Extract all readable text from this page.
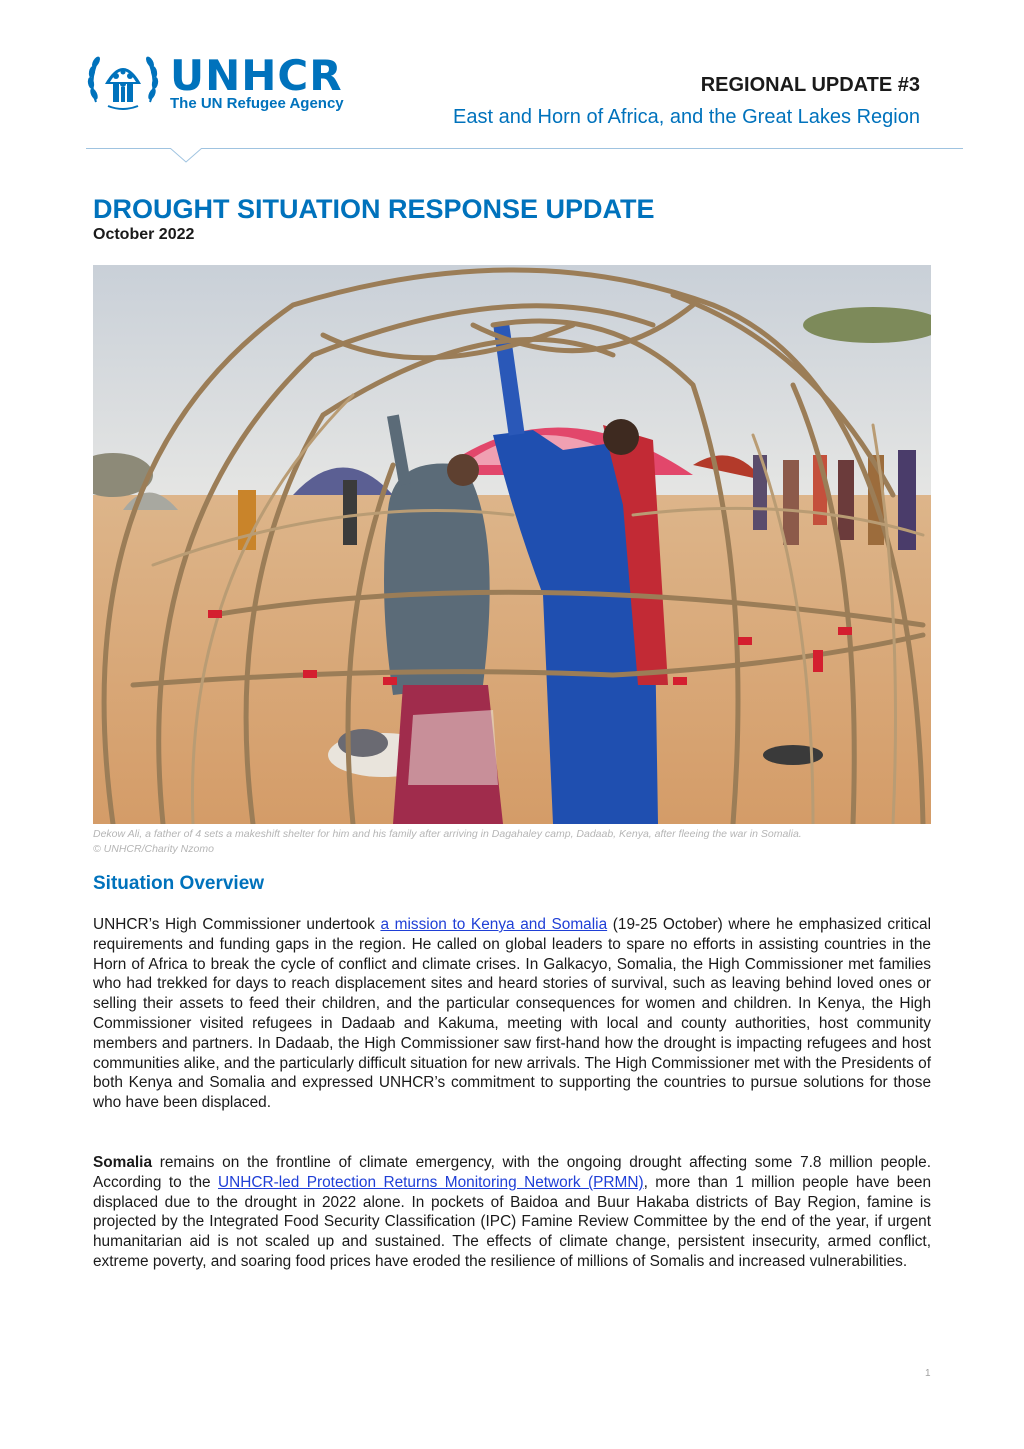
UNHCR
The UN Refugee Agency
REGIONAL UPDATE #3
East and Horn of Africa, and the Great Lakes Region
DROUGHT SITUATION RESPONSE UPDATE
October 2022
Dekow Ali, a father of 4 sets a makeshift shelter for him and his family after arriving in Dagahaley camp, Dadaab, Kenya, after fleeing the war in Somalia.
© UNHCR/Charity Nzomo
Situation Overview
UNHCR’s High Commissioner undertook a mission to Kenya and Somalia (19-25 October) where he emphasized critical requirements and funding gaps in the region. He called on global leaders to spare no efforts in assisting countries in the Horn of Africa to break the cycle of conflict and climate crises. In Galkacyo, Somalia, the High Commissioner met families who had trekked for days to reach displacement sites and heard stories of survival, such as leaving behind loved ones or selling their assets to feed their children, and the particular consequences for women and children. In Kenya, the High Commissioner visited refugees in Dadaab and Kakuma, meeting with local and county authorities, host community members and partners. In Dadaab, the High Commissioner saw first-hand how the drought is impacting refugees and host communities alike, and the particularly difficult situation for new arrivals. The High Commissioner met with the Presidents of both Kenya and Somalia and expressed UNHCR’s commitment to supporting the countries to pursue solutions for those who have been displaced.
Somalia remains on the frontline of climate emergency, with the ongoing drought affecting some 7.8 million people. According to the UNHCR-led Protection Returns Monitoring Network (PRMN), more than 1 million people have been displaced due to the drought in 2022 alone. In pockets of Baidoa and Buur Hakaba districts of Bay Region, famine is projected by the Integrated Food Security Classification (IPC) Famine Review Committee by the end of the year, if urgent humanitarian aid is not scaled up and sustained. The effects of climate change, persistent insecurity, armed conflict, extreme poverty, and soaring food prices have eroded the resilience of millions of Somalis and increased vulnerabilities.
1
